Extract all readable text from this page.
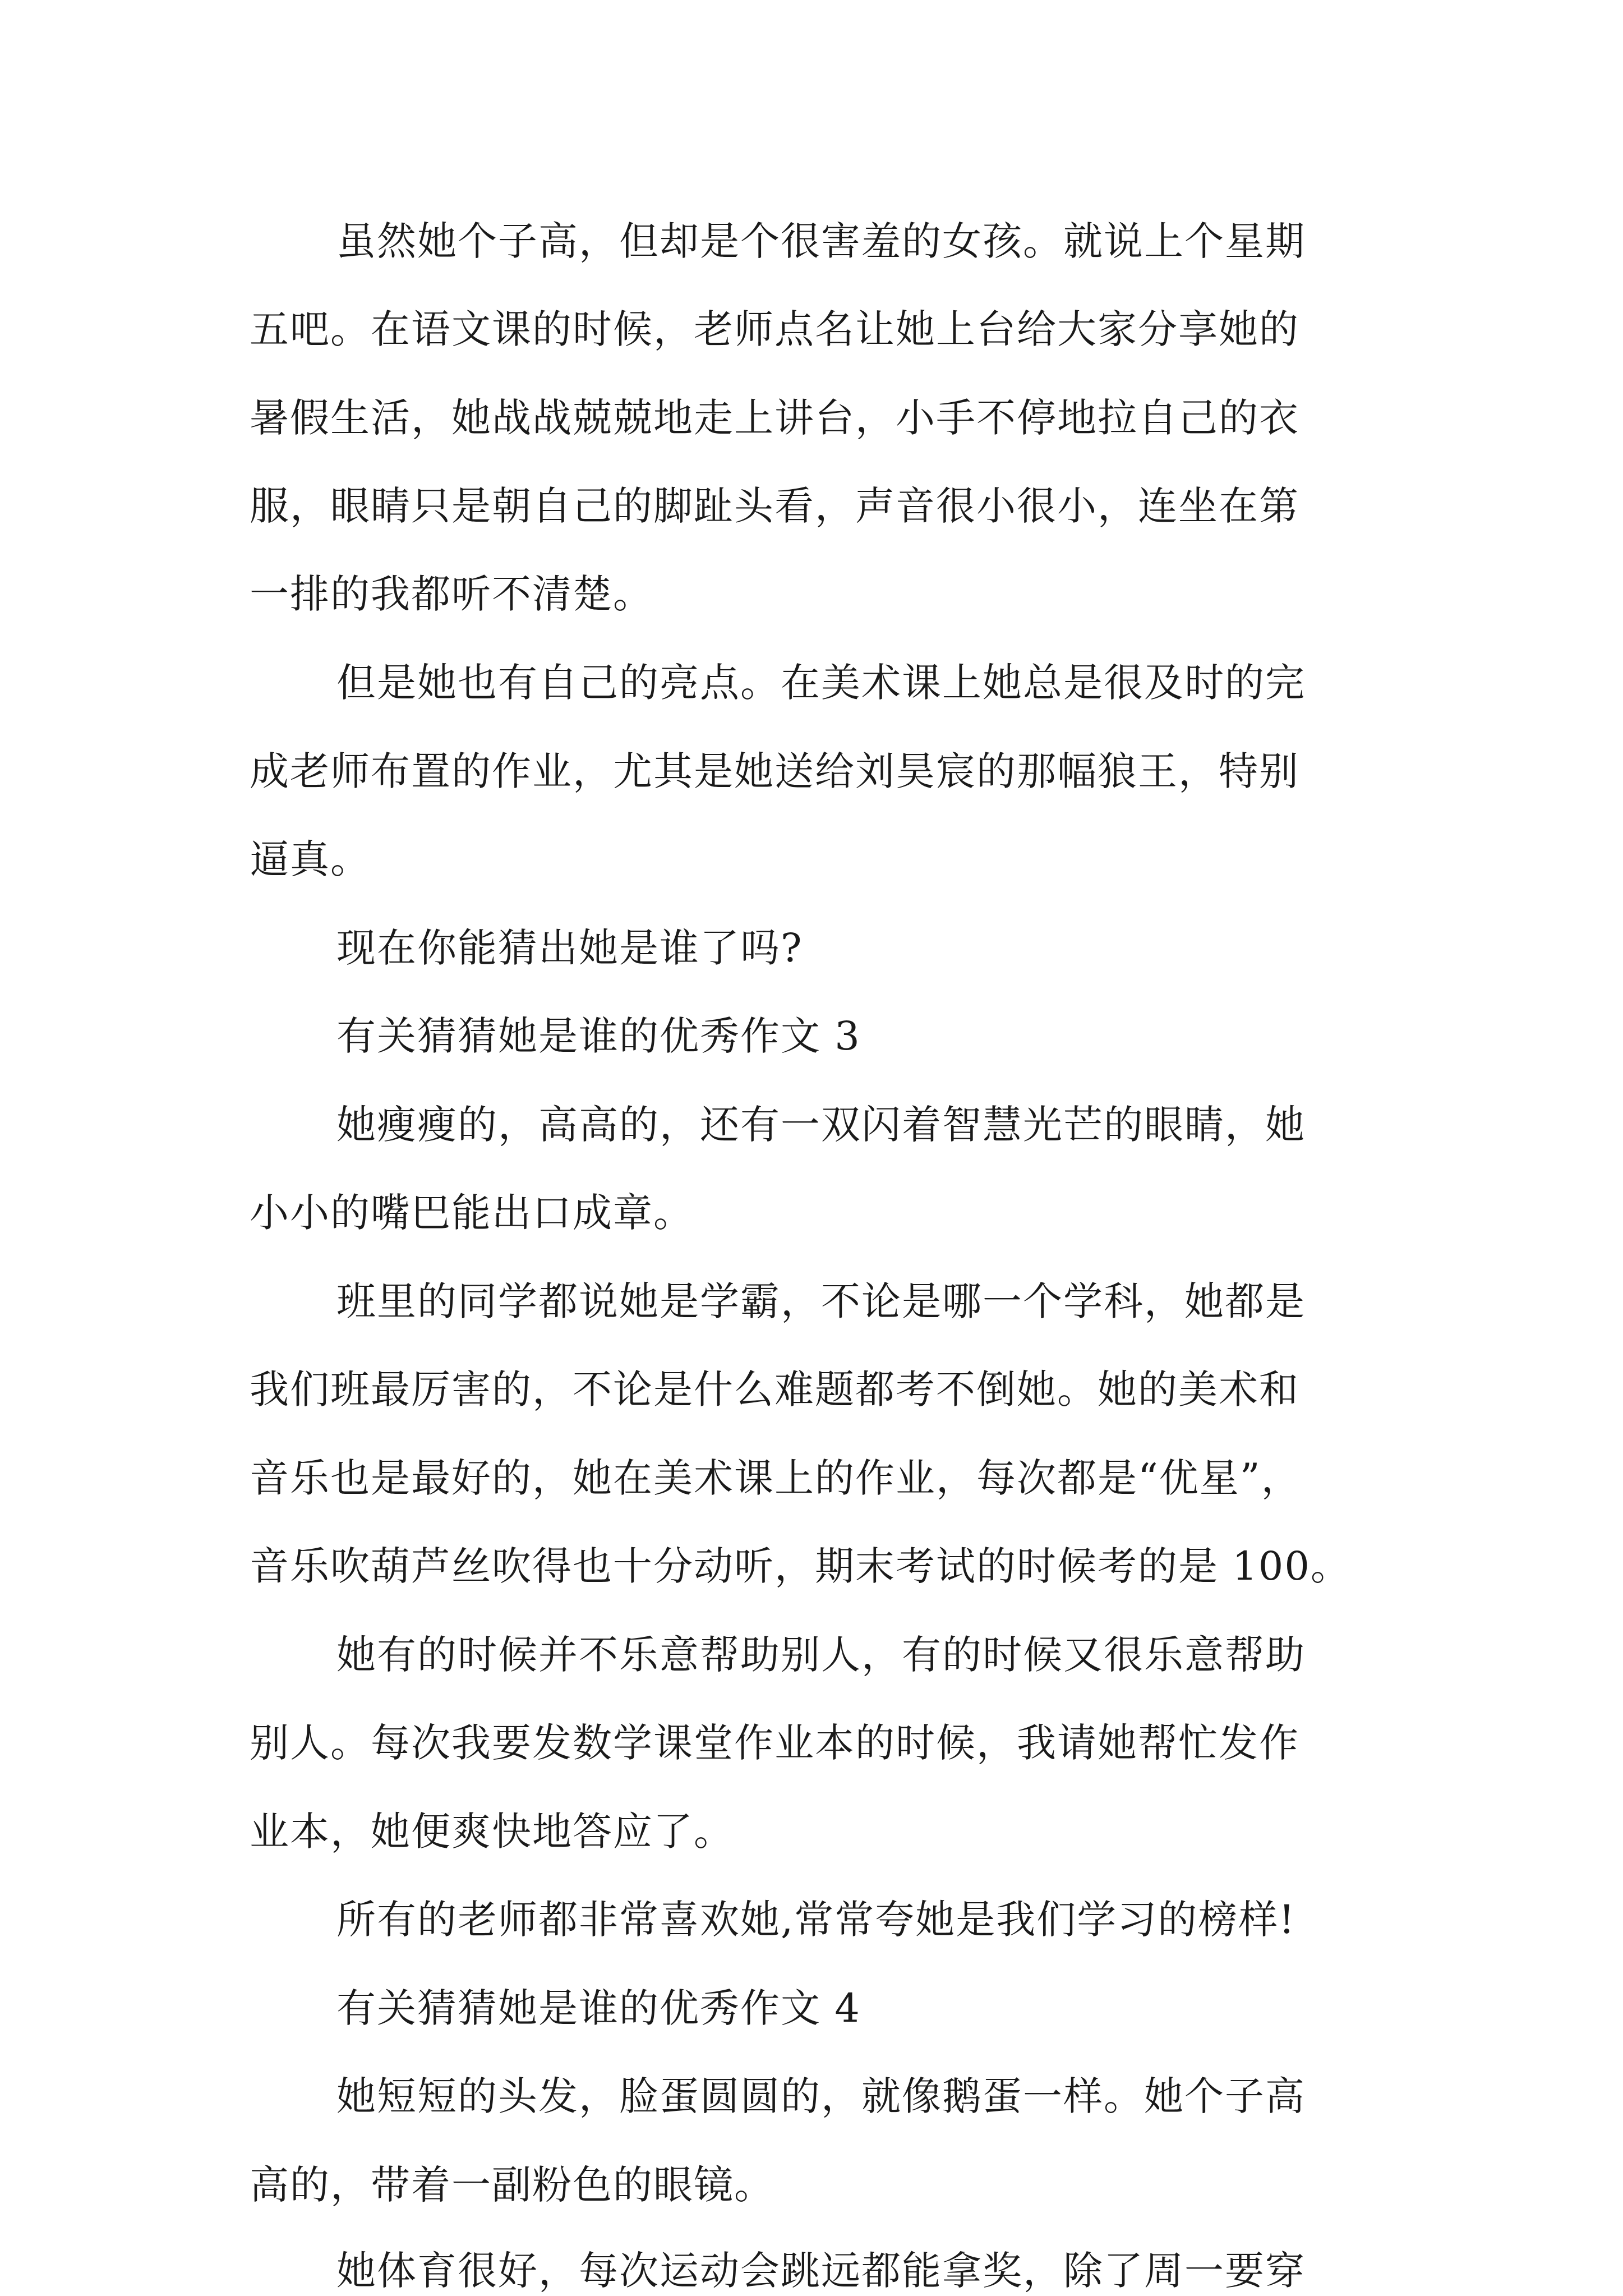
虽然她个子高，但却是个很害羞的女孩。就说上个星期

五吧。在语文课的时候，老师点名让她上台给大家分享她的

暑假生活，她战战兢兢地走上讲台，小手不停地拉自己的衣

服，眼睛只是朝自己的脚趾头看，声音很小很小，连坐在第

一排的我都听不清楚。

但是她也有自己的亮点。在美术课上她总是很及时的完

成老师布置的作业，尤其是她送给刘昊宸的那幅狼王，特别

逼真。

现在你能猜出她是谁了吗?

有关猜猜她是谁的优秀作文 3

她瘦瘦的，高高的，还有一双闪着智慧光芒的眼睛，她

小小的嘴巴能出口成章。

班里的同学都说她是学霸，不论是哪一个学科，她都是

我们班最厉害的，不论是什么难题都考不倒她。她的美术和

音乐也是最好的，她在美术课上的作业，每次都是“优星”，

音乐吹葫芦丝吹得也十分动听，期末考试的时候考的是 100。

她有的时候并不乐意帮助别人，有的时候又很乐意帮助

别人。每次我要发数学课堂作业本的时候，我请她帮忙发作

业本，她便爽快地答应了。

所有的老师都非常喜欢她,常常夸她是我们学习的榜样!

有关猜猜她是谁的优秀作文 4

她短短的头发，脸蛋圆圆的，就像鹅蛋一样。她个子高

高的，带着一副粉色的眼镜。

她体育很好，每次运动会跳远都能拿奖，除了周一要穿
